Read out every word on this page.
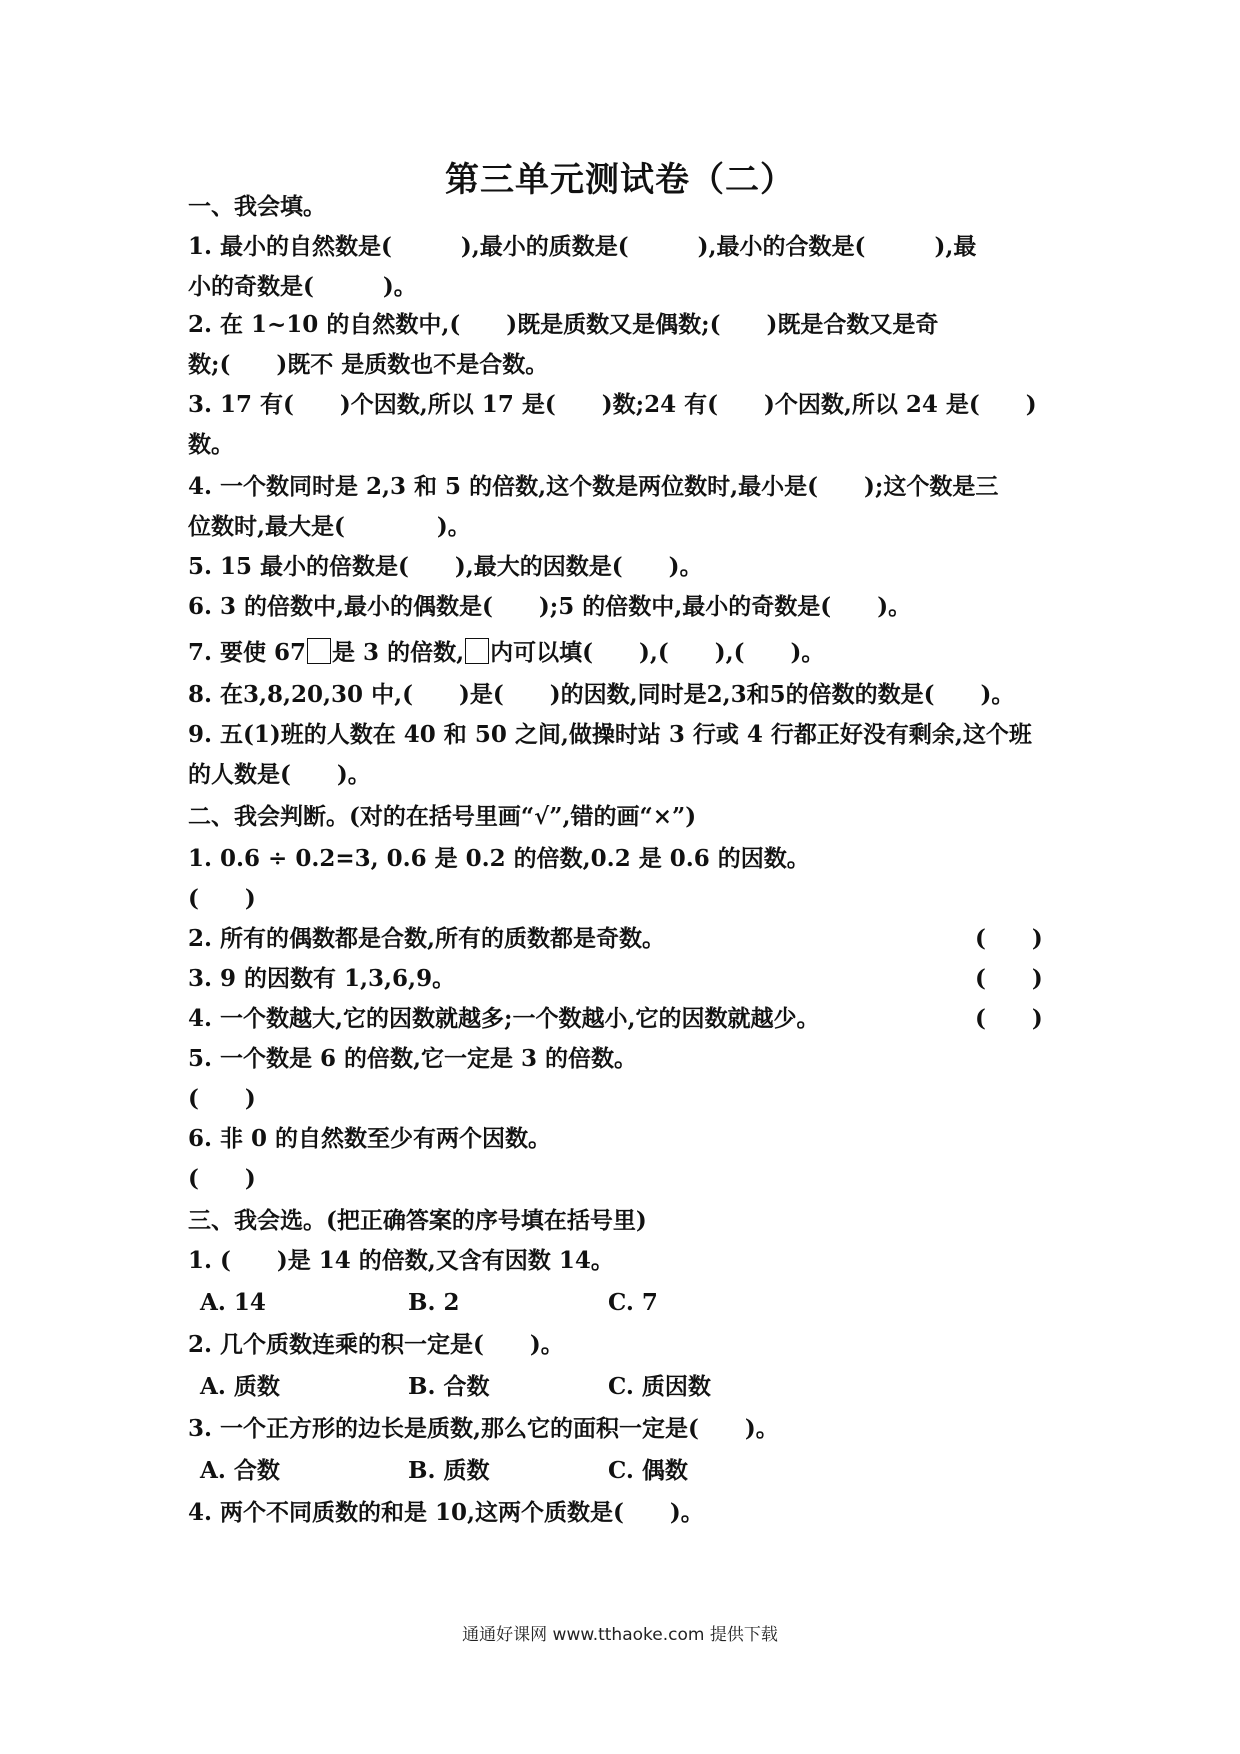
第三单元测试卷（二）
一、我会填。
1. 最小的自然数是(　　　),最小的质数是(　　　),最小的合数是(　　　),最
小的奇数是(　　　)。
2. 在 1~10 的自然数中,(　　)既是质数又是偶数;(　　)既是合数又是奇
数;(　　)既不 是质数也不是合数。
3. 17 有(　　)个因数,所以 17 是(　　)数;24 有(　　)个因数,所以 24 是(　　)
数。
4. 一个数同时是 2,3 和 5 的倍数,这个数是两位数时,最小是(　　);这个数是三
位数时,最大是(　　　　)。
5. 15 最小的倍数是(　　),最大的因数是(　　)。
6. 3 的倍数中,最小的偶数是(　　);5 的倍数中,最小的奇数是(　　)。
7. 要使 67 是 3 的倍数, 内可以填(　　),(　　),(　　)。
8. 在3,8,20,30 中,(　　)是(　　)的因数,同时是2,3和5的倍数的数是(　　)。
9. 五(1)班的人数在 40 和 50 之间,做操时站 3 行或 4 行都正好没有剩余,这个班
的人数是(　　)。
二、我会判断。(对的在括号里画“√”,错的画“×”)
1. 0.6 ÷ 0.2=3, 0.6 是 0.2 的倍数,0.2 是 0.6 的因数。
(　　)
2. 所有的偶数都是合数,所有的质数都是奇数。	(　　)
3. 9 的因数有 1,3,6,9。	(　　)
4. 一个数越大,它的因数就越多;一个数越小,它的因数就越少。	(　　)
5. 一个数是 6 的倍数,它一定是 3 的倍数。
(　　)
6. 非 0 的自然数至少有两个因数。
(　　)
三、我会选。(把正确答案的序号填在括号里)
1. (　　)是 14 的倍数,又含有因数 14。
A. 14	B. 2	C. 7
2. 几个质数连乘的积一定是(　　)。
A. 质数	B. 合数	C. 质因数
3. 一个正方形的边长是质数,那么它的面积一定是(　　)。
A. 合数	B. 质数	C. 偶数
4. 两个不同质数的和是 10,这两个质数是(　　)。
通通好课网 www.tthaoke.com 提供下载
